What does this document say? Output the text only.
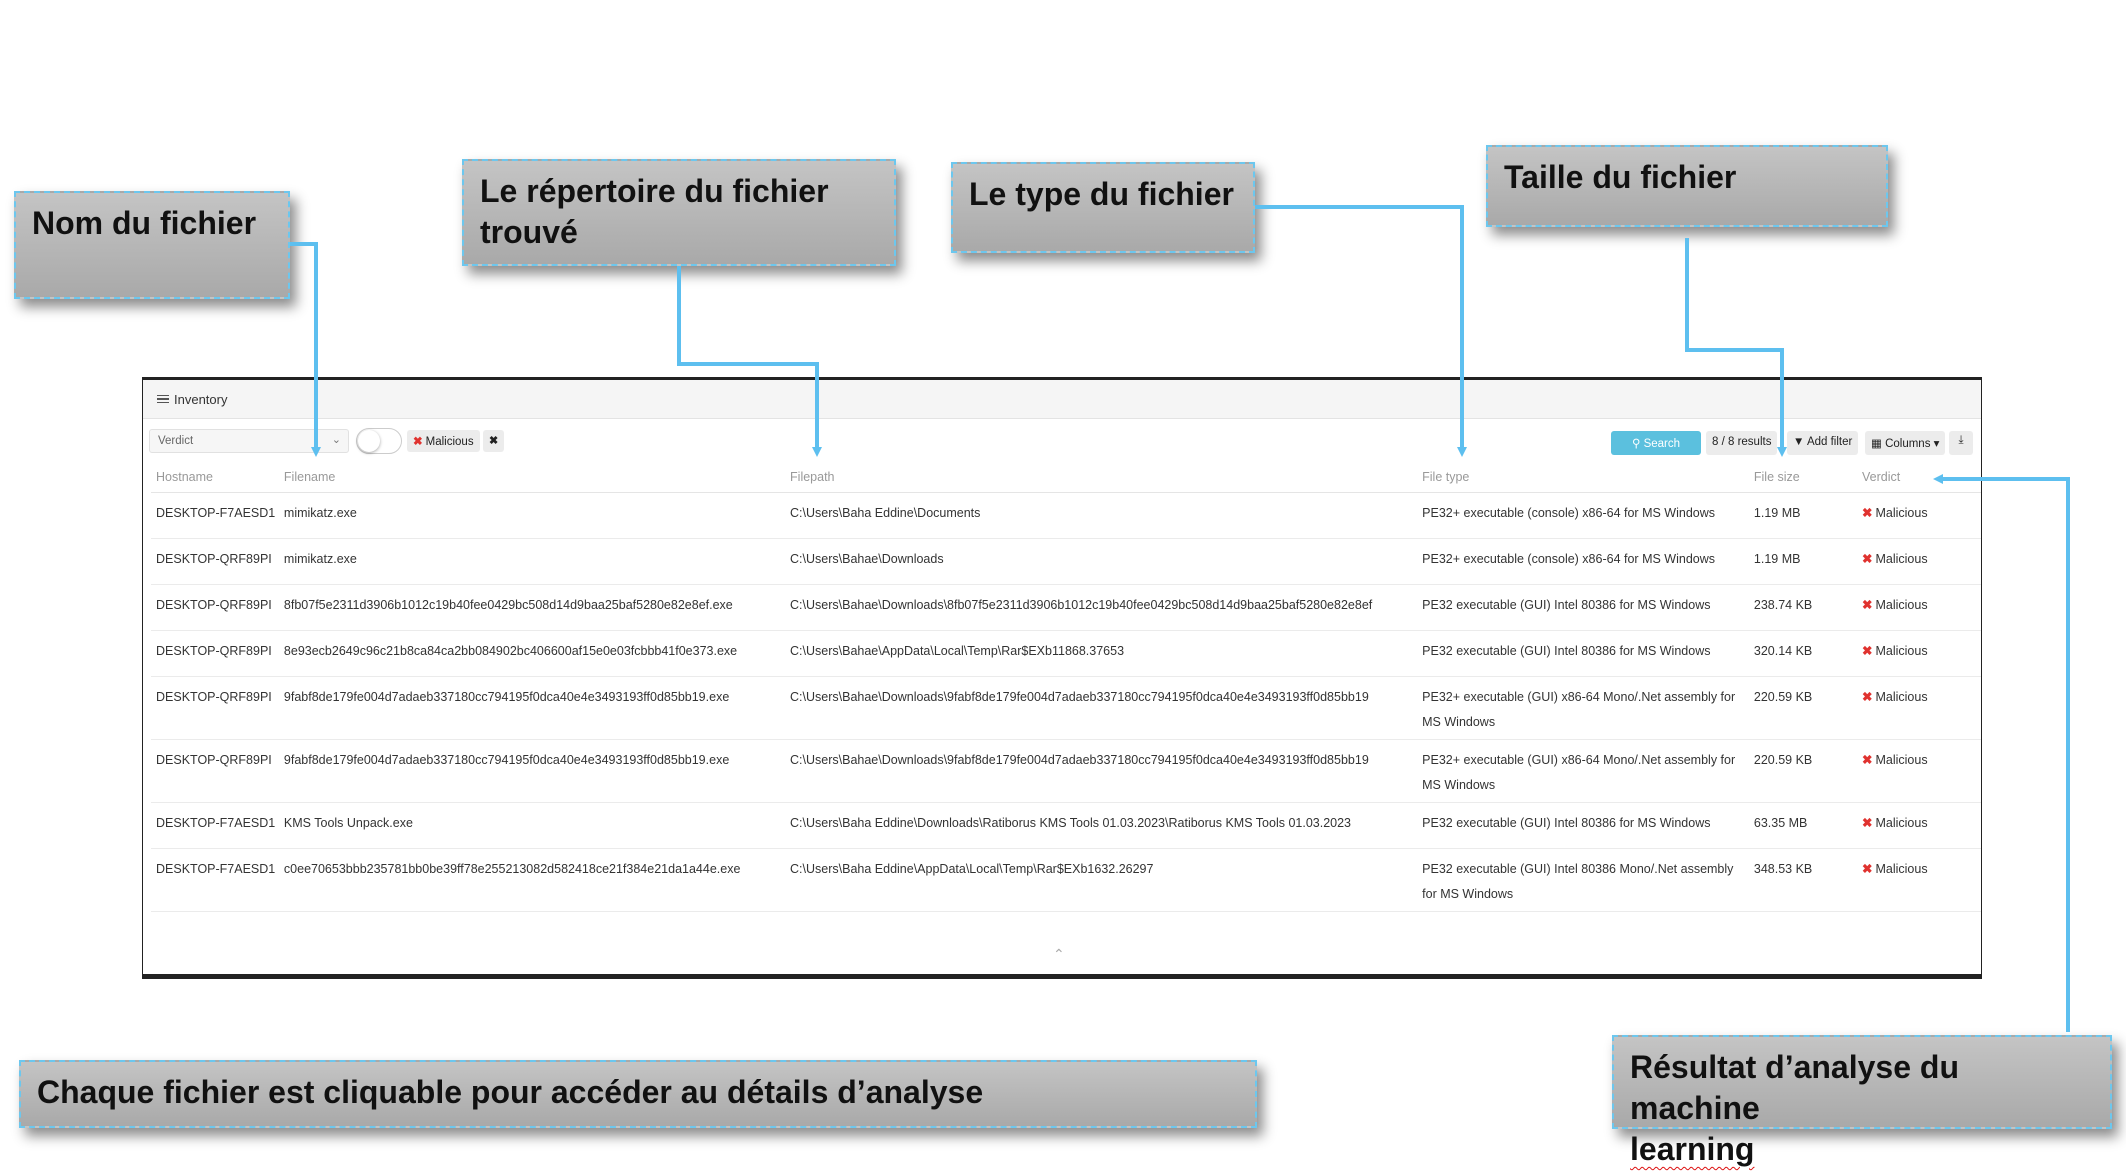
Nom du fichier
Le répertoire du fichier trouvé
Le type du fichier	Taille du fichier
Chaque fichier est cliquable pour accéder au détails d’analyse
Résultat d’analyse du machine
learning
Inventory
Verdict	⌄	✖ Malicious	✖	⚲ Search	8 / 8 results	▼ Add filter	▦ Columns ▾	⤓
Hostname	Filename	Filepath	File type	File size	Verdict
DESKTOP-F7AESD1	mimikatz.exe	C:\Users\Baha Eddine\Documents	PE32+ executable (console) x86-64 for MS Windows	1.19 MB	✖ Malicious
DESKTOP-QRF89PI	mimikatz.exe	C:\Users\Bahae\Downloads	PE32+ executable (console) x86-64 for MS Windows	1.19 MB	✖ Malicious
DESKTOP-QRF89PI	8fb07f5e2311d3906b1012c19b40fee0429bc508d14d9baa25baf5280e82e8ef.exe	C:\Users\Bahae\Downloads\8fb07f5e2311d3906b1012c19b40fee0429bc508d14d9baa25baf5280e82e8ef	PE32 executable (GUI) Intel 80386 for MS Windows	238.74 KB	✖ Malicious
DESKTOP-QRF89PI	8e93ecb2649c96c21b8ca84ca2bb084902bc406600af15e0e03fcbbb41f0e373.exe	C:\Users\Bahae\AppData\Local\Temp\Rar$EXb11868.37653	PE32 executable (GUI) Intel 80386 for MS Windows	320.14 KB	✖ Malicious
DESKTOP-QRF89PI	9fabf8de179fe004d7adaeb337180cc794195f0dca40e4e3493193ff0d85bb19.exe	C:\Users\Bahae\Downloads\9fabf8de179fe004d7adaeb337180cc794195f0dca40e4e3493193ff0d85bb19	PE32+ executable (GUI) x86-64 Mono/.Net assembly for MS Windows	220.59 KB	✖ Malicious
DESKTOP-QRF89PI	9fabf8de179fe004d7adaeb337180cc794195f0dca40e4e3493193ff0d85bb19.exe	C:\Users\Bahae\Downloads\9fabf8de179fe004d7adaeb337180cc794195f0dca40e4e3493193ff0d85bb19	PE32+ executable (GUI) x86-64 Mono/.Net assembly for MS Windows	220.59 KB	✖ Malicious
DESKTOP-F7AESD1	KMS Tools Unpack.exe	C:\Users\Baha Eddine\Downloads\Ratiborus KMS Tools 01.03.2023\Ratiborus KMS Tools 01.03.2023	PE32 executable (GUI) Intel 80386 for MS Windows	63.35 MB	✖ Malicious
DESKTOP-F7AESD1	c0ee70653bbb235781bb0be39ff78e255213082d582418ce21f384e21da1a44e.exe	C:\Users\Baha Eddine\AppData\Local\Temp\Rar$EXb1632.26297	PE32 executable (GUI) Intel 80386 Mono/.Net assembly for MS Windows	348.53 KB	✖ Malicious
⌃
